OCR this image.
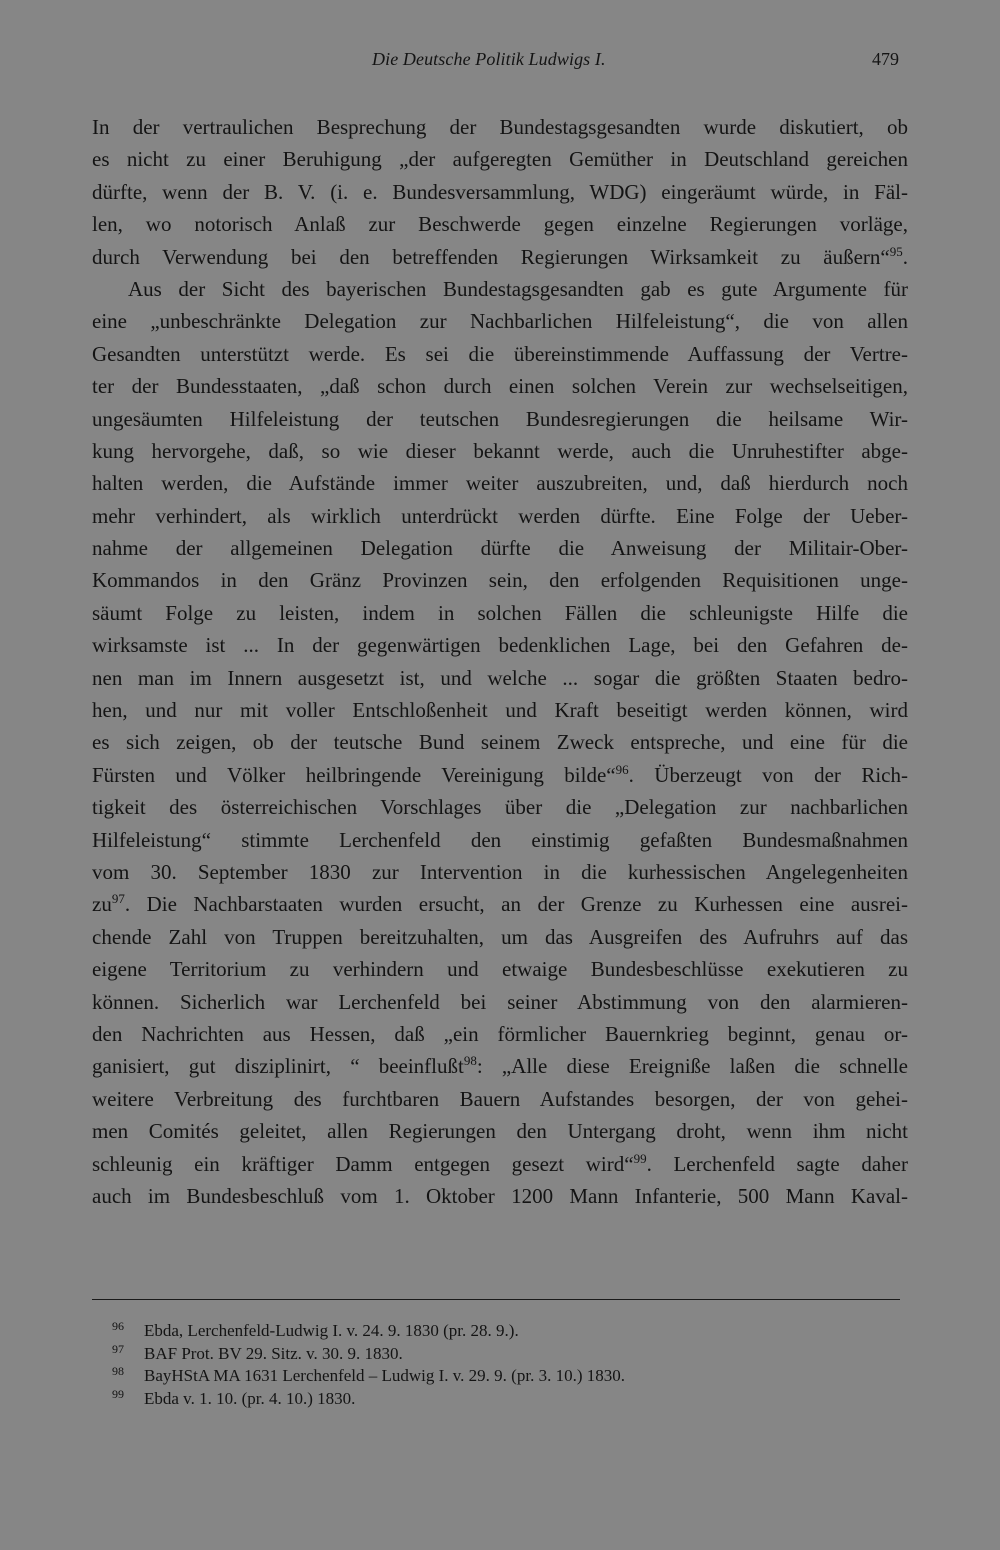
Die Deutsche Politik Ludwigs I.	479
In der vertraulichen Besprechung der Bundestagsgesandten wurde diskutiert, ob
es nicht zu einer Beruhigung „der aufgeregten Gemüther in Deutschland gereichen
dürfte, wenn der B. V. (i. e. Bundesversammlung, WDG) eingeräumt würde, in Fäl-
len, wo notorisch Anlaß zur Beschwerde gegen einzelne Regierungen vorläge,
durch Verwendung bei den betreffenden Regierungen Wirksamkeit zu äußern“$^{95}$.
Aus der Sicht des bayerischen Bundestagsgesandten gab es gute Argumente für
eine „unbeschränkte Delegation zur Nachbarlichen Hilfeleistung“, die von allen
Gesandten unterstützt werde. Es sei die übereinstimmende Auffassung der Vertre-
ter der Bundesstaaten, „daß schon durch einen solchen Verein zur wechselseitigen,
ungesäumten Hilfeleistung der teutschen Bundesregierungen die heilsame Wir-
kung hervorgehe, daß, so wie dieser bekannt werde, auch die Unruhestifter abge-
halten werden, die Aufstände immer weiter auszubreiten, und, daß hierdurch noch
mehr verhindert, als wirklich unterdrückt werden dürfte. Eine Folge der Ueber-
nahme der allgemeinen Delegation dürfte die Anweisung der Militair-Ober-
Kommandos in den Gränz Provinzen sein, den erfolgenden Requisitionen unge-
säumt Folge zu leisten, indem in solchen Fällen die schleunigste Hilfe die
wirksamste ist ... In der gegenwärtigen bedenklichen Lage, bei den Gefahren de-
nen man im Innern ausgesetzt ist, und welche ... sogar die größten Staaten bedro-
hen, und nur mit voller Entschloßenheit und Kraft beseitigt werden können, wird
es sich zeigen, ob der teutsche Bund seinem Zweck entspreche, und eine für die
Fürsten und Völker heilbringende Vereinigung bilde“$^{96}$. Überzeugt von der Rich-
tigkeit des österreichischen Vorschlages über die „Delegation zur nachbarlichen
Hilfeleistung“ stimmte Lerchenfeld den einstimig gefaßten Bundesmaßnahmen
vom 30. September 1830 zur Intervention in die kurhessischen Angelegenheiten
$zu^{97}$. Die Nachbarstaaten wurden ersucht, an der Grenze zu Kurhessen eine ausrei-
chende Zahl von Truppen bereitzuhalten, um das Ausgreifen des Aufruhrs auf das
eigene Territorium zu verhindern und etwaige Bundesbeschlüsse exekutieren zu
können. Sicherlich war Lerchenfeld bei seiner Abstimmung von den alarmieren-
den Nachrichten aus Hessen, daß „ein förmlicher Bauernkrieg beginnt, genau or-
ganisiert, gut disziplinirt, “ beeinflußt$^{98}$: „Alle diese Ereigniße laßen die schnelle
weitere Verbreitung des furchtbaren Bauern Aufstandes besorgen, der von gehei-
men Comités geleitet, allen Regierungen den Untergang droht, wenn ihm nicht
schleunig ein kräftiger Damm entgegen gesezt wird“$^{99}$. Lerchenfeld sagte daher
auch im Bundesbeschluß vom 1. Oktober 1200 Mann Infanterie, 500 Mann Kaval-
96 Ebda, Lerchenfeld-Ludwig I. v. 24. 9. 1830 (pr. 28. 9.).
97 BAF Prot. BV 29. Sitz. v. 30. 9. 1830.
98 BayHStA MA 1631 Lerchenfeld – Ludwig I. v. 29. 9. (pr. 3. 10.) 1830.
99 Ebda v. 1. 10. (pr. 4. 10.) 1830.
